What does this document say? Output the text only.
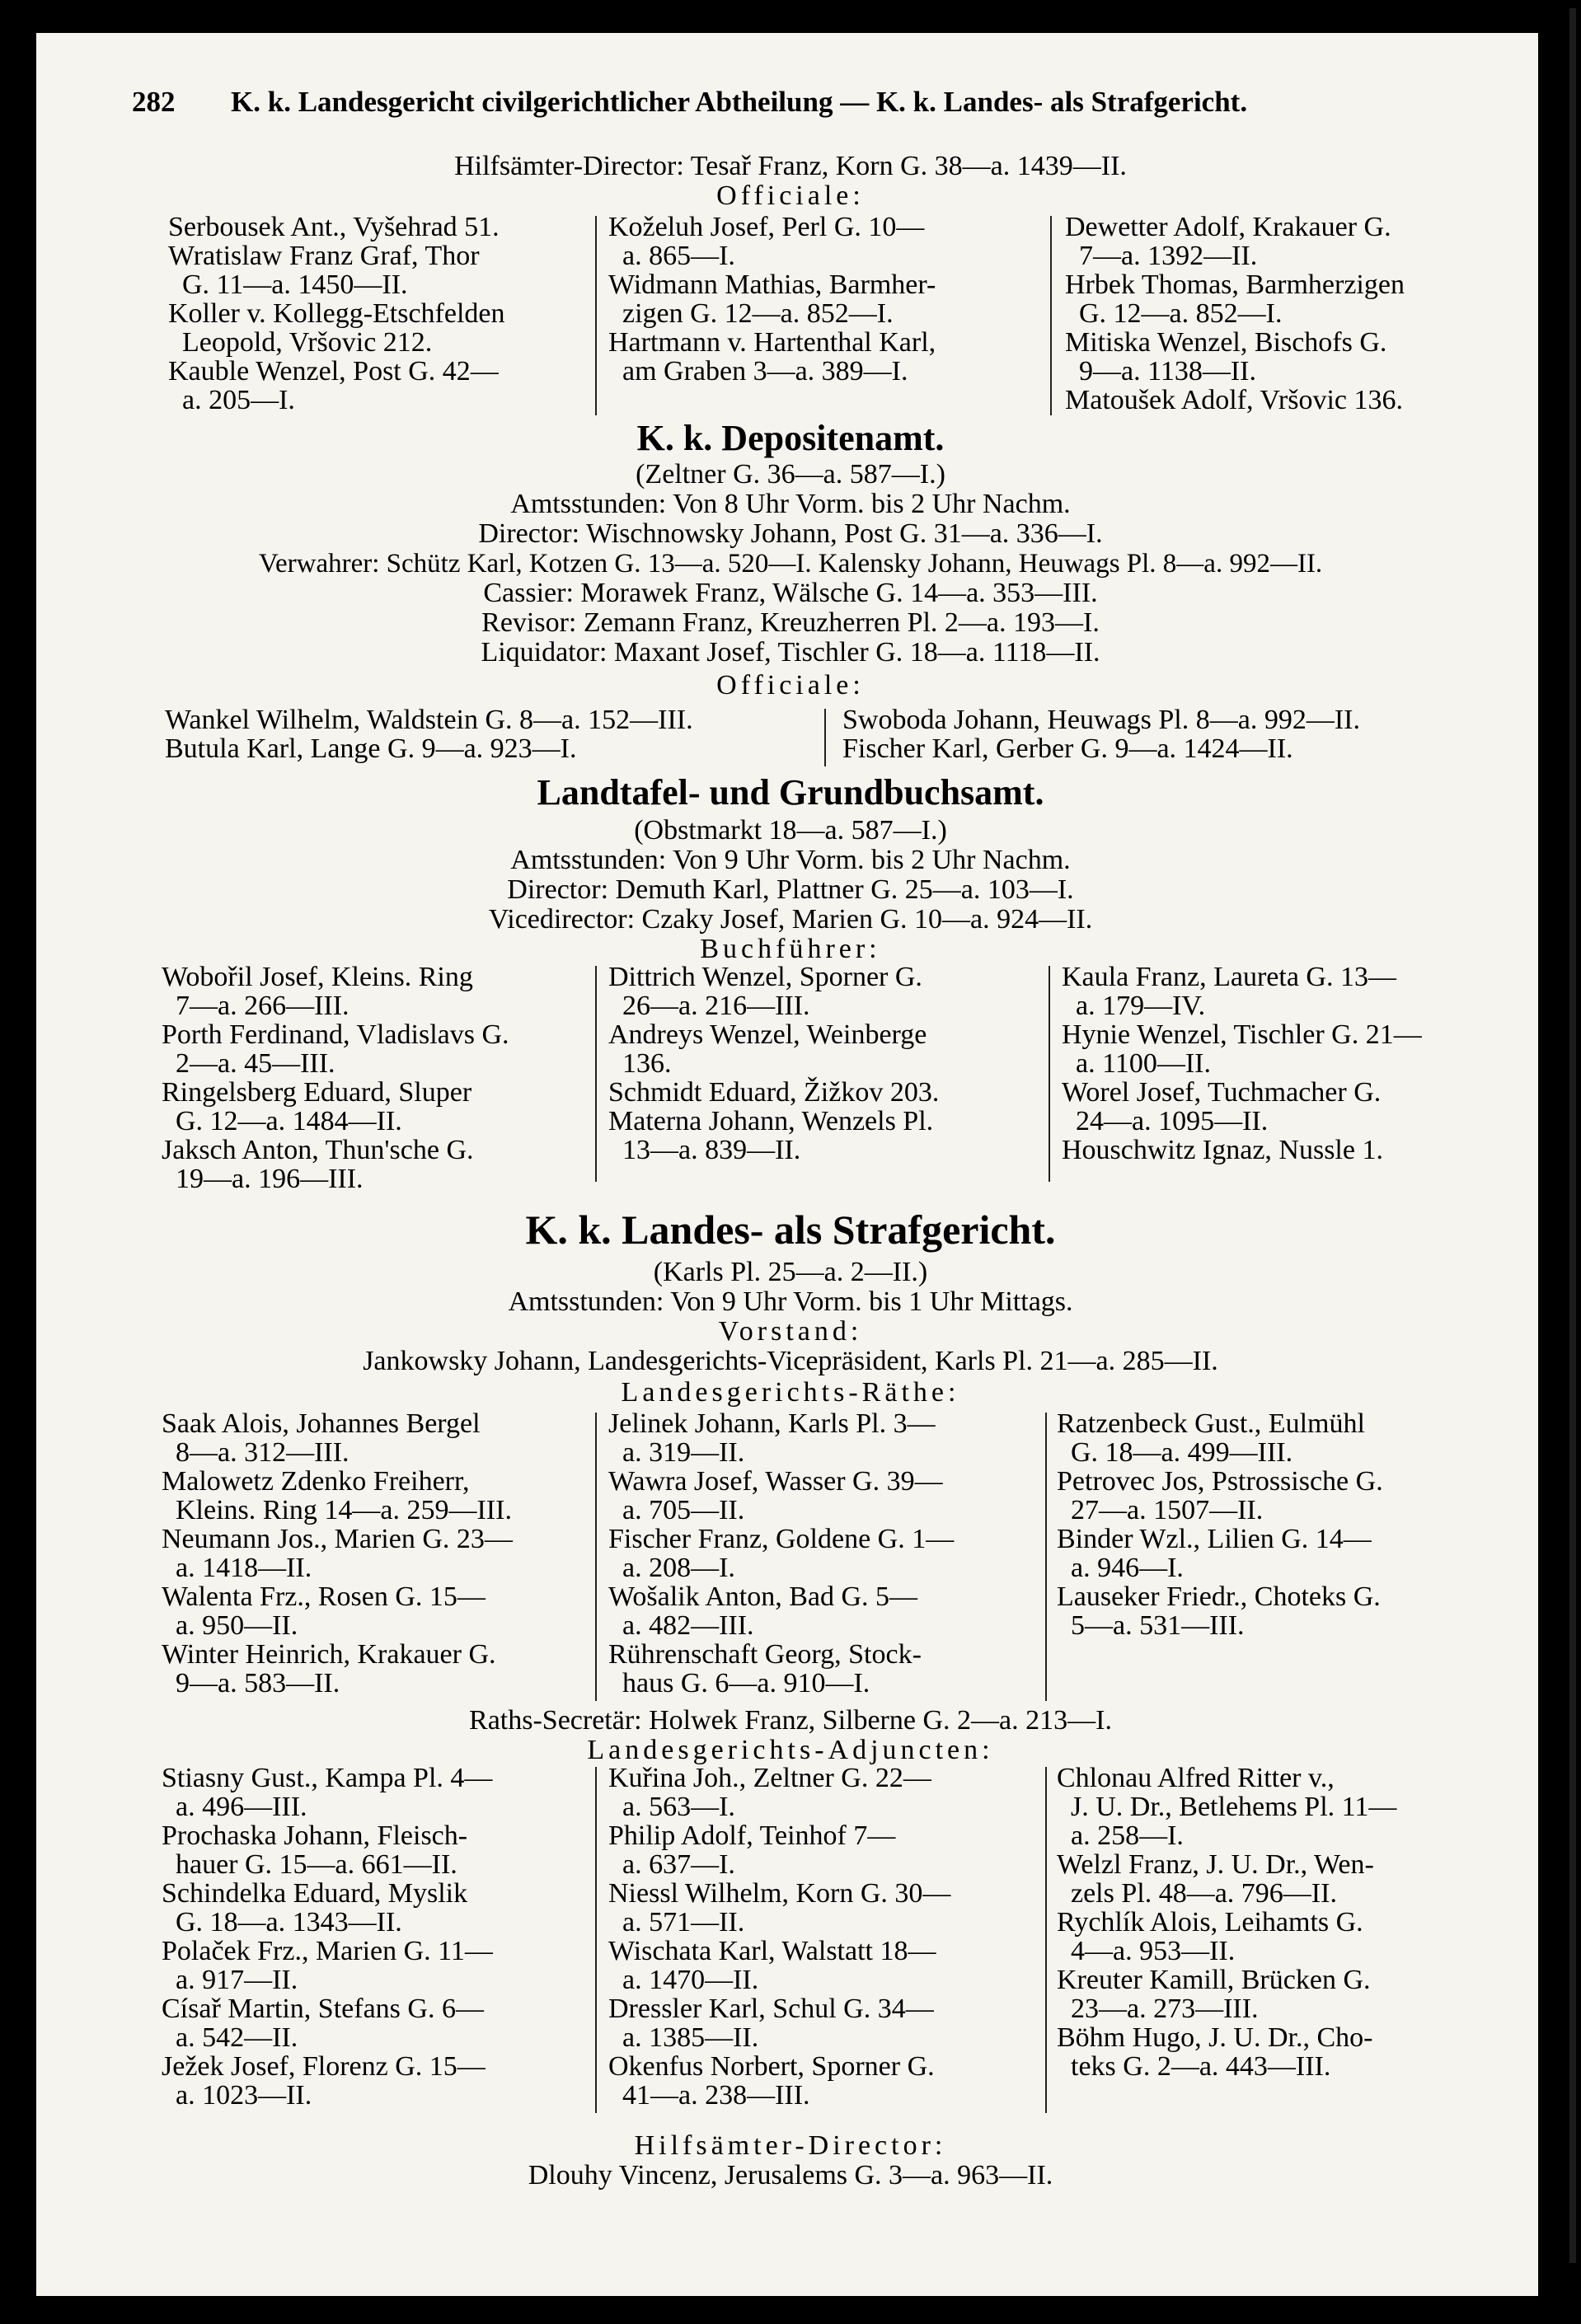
282 K. k. Landesgericht civilgerichtlicher Abtheilung — K. k. Landes- als Strafgericht.
Hilfsämter-Director: Tesař Franz, Korn G. 38—a. 1439—II.
Officiale:
Serbousek Ant., Vyšehrad 51.
Wratislaw Franz Graf, Thor
G. 11—a. 1450—II.
Koller v. Kollegg-Etschfelden
Leopold, Vršovic 212.
Kauble Wenzel, Post G. 42—
a. 205—I.
Koželuh Josef, Perl G. 10—
a. 865—I.
Widmann Mathias, Barmher-
zigen G. 12—a. 852—I.
Hartmann v. Hartenthal Karl,
am Graben 3—a. 389—I.
Dewetter Adolf, Krakauer G.
7—a. 1392—II.
Hrbek Thomas, Barmherzigen
G. 12—a. 852—I.
Mitiska Wenzel, Bischofs G.
9—a. 1138—II.
Matoušek Adolf, Vršovic 136.
K. k. Depositenamt.
(Zeltner G. 36—a. 587—I.)
Amtsstunden: Von 8 Uhr Vorm. bis 2 Uhr Nachm.
Director: Wischnowsky Johann, Post G. 31—a. 336—I.
Verwahrer: Schütz Karl, Kotzen G. 13—a. 520—I. Kalensky Johann, Heuwags Pl. 8—a. 992—II.
Cassier: Morawek Franz, Wälsche G. 14—a. 353—III.
Revisor: Zemann Franz, Kreuzherren Pl. 2—a. 193—I.
Liquidator: Maxant Josef, Tischler G. 18—a. 1118—II.
Officiale:
Wankel Wilhelm, Waldstein G. 8—a. 152—III.
Butula Karl, Lange G. 9—a. 923—I.
Swoboda Johann, Heuwags Pl. 8—a. 992—II.
Fischer Karl, Gerber G. 9—a. 1424—II.
Landtafel- und Grundbuchsamt.
(Obstmarkt 18—a. 587—I.)
Amtsstunden: Von 9 Uhr Vorm. bis 2 Uhr Nachm.
Director: Demuth Karl, Plattner G. 25—a. 103—I.
Vicedirector: Czaky Josef, Marien G. 10—a. 924—II.
Buchführer:
Wobořil Josef, Kleins. Ring
7—a. 266—III.
Porth Ferdinand, Vladislavs G.
2—a. 45—III.
Ringelsberg Eduard, Sluper
G. 12—a. 1484—II.
Jaksch Anton, Thun'sche G.
19—a. 196—III.
Dittrich Wenzel, Sporner G.
26—a. 216—III.
Andreys Wenzel, Weinberge
136.
Schmidt Eduard, Žižkov 203.
Materna Johann, Wenzels Pl.
13—a. 839—II.
Kaula Franz, Laureta G. 13—
a. 179—IV.
Hynie Wenzel, Tischler G. 21—
a. 1100—II.
Worel Josef, Tuchmacher G.
24—a. 1095—II.
Houschwitz Ignaz, Nussle 1.
K. k. Landes- als Strafgericht.
(Karls Pl. 25—a. 2—II.)
Amtsstunden: Von 9 Uhr Vorm. bis 1 Uhr Mittags.
Vorstand:
Jankowsky Johann, Landesgerichts-Vicepräsident, Karls Pl. 21—a. 285—II.
Landesgerichts-Räthe:
Saak Alois, Johannes Bergel
8—a. 312—III.
Malowetz Zdenko Freiherr,
Kleins. Ring 14—a. 259—III.
Neumann Jos., Marien G. 23—
a. 1418—II.
Walenta Frz., Rosen G. 15—
a. 950—II.
Winter Heinrich, Krakauer G.
9—a. 583—II.
Jelinek Johann, Karls Pl. 3—
a. 319—II.
Wawra Josef, Wasser G. 39—
a. 705—II.
Fischer Franz, Goldene G. 1—
a. 208—I.
Wošalik Anton, Bad G. 5—
a. 482—III.
Rührenschaft Georg, Stock-
haus G. 6—a. 910—I.
Ratzenbeck Gust., Eulmühl
G. 18—a. 499—III.
Petrovec Jos, Pstrossische G.
27—a. 1507—II.
Binder Wzl., Lilien G. 14—
a. 946—I.
Lauseker Friedr., Choteks G.
5—a. 531—III.
Raths-Secretär: Holwek Franz, Silberne G. 2—a. 213—I.
Landesgerichts-Adjuncten:
Stiasny Gust., Kampa Pl. 4—
a. 496—III.
Prochaska Johann, Fleisch-
hauer G. 15—a. 661—II.
Schindelka Eduard, Myslik
G. 18—a. 1343—II.
Polaček Frz., Marien G. 11—
a. 917—II.
Císař Martin, Stefans G. 6—
a. 542—II.
Ježek Josef, Florenz G. 15—
a. 1023—II.
Kuřina Joh., Zeltner G. 22—
a. 563—I.
Philip Adolf, Teinhof 7—
a. 637—I.
Niessl Wilhelm, Korn G. 30—
a. 571—II.
Wischata Karl, Walstatt 18—
a. 1470—II.
Dressler Karl, Schul G. 34—
a. 1385—II.
Okenfus Norbert, Sporner G.
41—a. 238—III.
Chlonau Alfred Ritter v.,
J. U. Dr., Betlehems Pl. 11—
a. 258—I.
Welzl Franz, J. U. Dr., Wen-
zels Pl. 48—a. 796—II.
Rychlík Alois, Leihamts G.
4—a. 953—II.
Kreuter Kamill, Brücken G.
23—a. 273—III.
Böhm Hugo, J. U. Dr., Cho-
teks G. 2—a. 443—III.
Hilfsämter-Director:
Dlouhy Vincenz, Jerusalems G. 3—a. 963—II.
